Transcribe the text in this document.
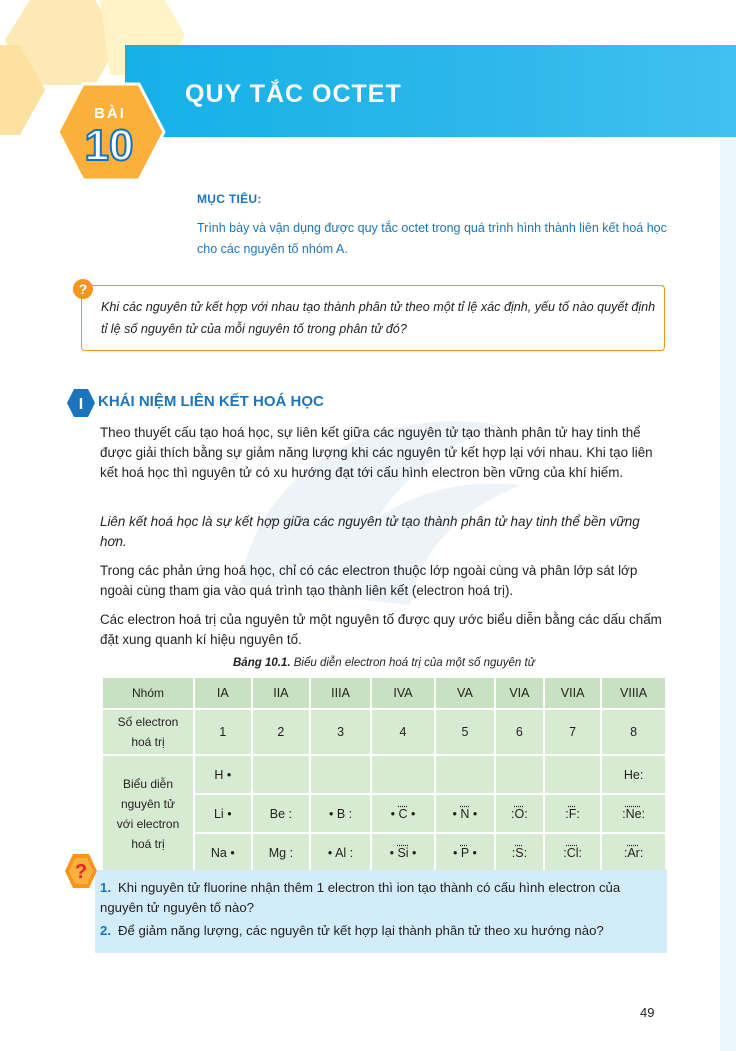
QUY TẮC OCTET
BÀI
10
MỤC TIÊU:
Trình bày và vận dụng được quy tắc octet trong quá trình hình thành liên kết hoá học cho các nguyên tố nhóm A.
?
Khi các nguyên tử kết hợp với nhau tạo thành phân tử theo một tỉ lệ xác định, yếu tố nào quyết định tỉ lệ số nguyên tử của mỗi nguyên tố trong phân tử đó?
I KHÁI NIỆM LIÊN KẾT HOÁ HỌC
Theo thuyết cấu tạo hoá học, sự liên kết giữa các nguyên tử tạo thành phân tử hay tinh thể được giải thích bằng sự giảm năng lượng khi các nguyên tử kết hợp lại với nhau. Khi tạo liên kết hoá học thì nguyên tử có xu hướng đạt tới cấu hình electron bền vững của khí hiếm.
Liên kết hoá học là sự kết hợp giữa các nguyên tử tạo thành phân tử hay tinh thể bền vững hơn.
Trong các phản ứng hoá học, chỉ có các electron thuộc lớp ngoài cùng và phân lớp sát lớp ngoài cùng tham gia vào quá trình tạo thành liên kết (electron hoá trị).
Các electron hoá trị của nguyên tử một nguyên tố được quy ước biểu diễn bằng các dấu chấm đặt xung quanh kí hiệu nguyên tố.
Bảng 10.1. Biểu diễn electron hoá trị của một số nguyên tử
Nhóm	IA	IIA	IIIA	IVA	VA	VIA	VIIA	VIIIA
Số electron
hoá trị	1	2	3	4	5	6	7	8
Biểu diễn
nguyên tử
với electron
hoá trị	H •							He:
	Li •	Be :	• B :	• C •	• N •	:O:	:F:	:Ne:
	Na •	Mg :	• Al :	• Si •	• P •	:S:	:Cl:	:Ar:
?
1. Khi nguyên tử fluorine nhận thêm 1 electron thì ion tạo thành có cấu hình electron của nguyên tử nguyên tố nào?
2. Để giảm năng lượng, các nguyên tử kết hợp lại thành phân tử theo xu hướng nào?
49
